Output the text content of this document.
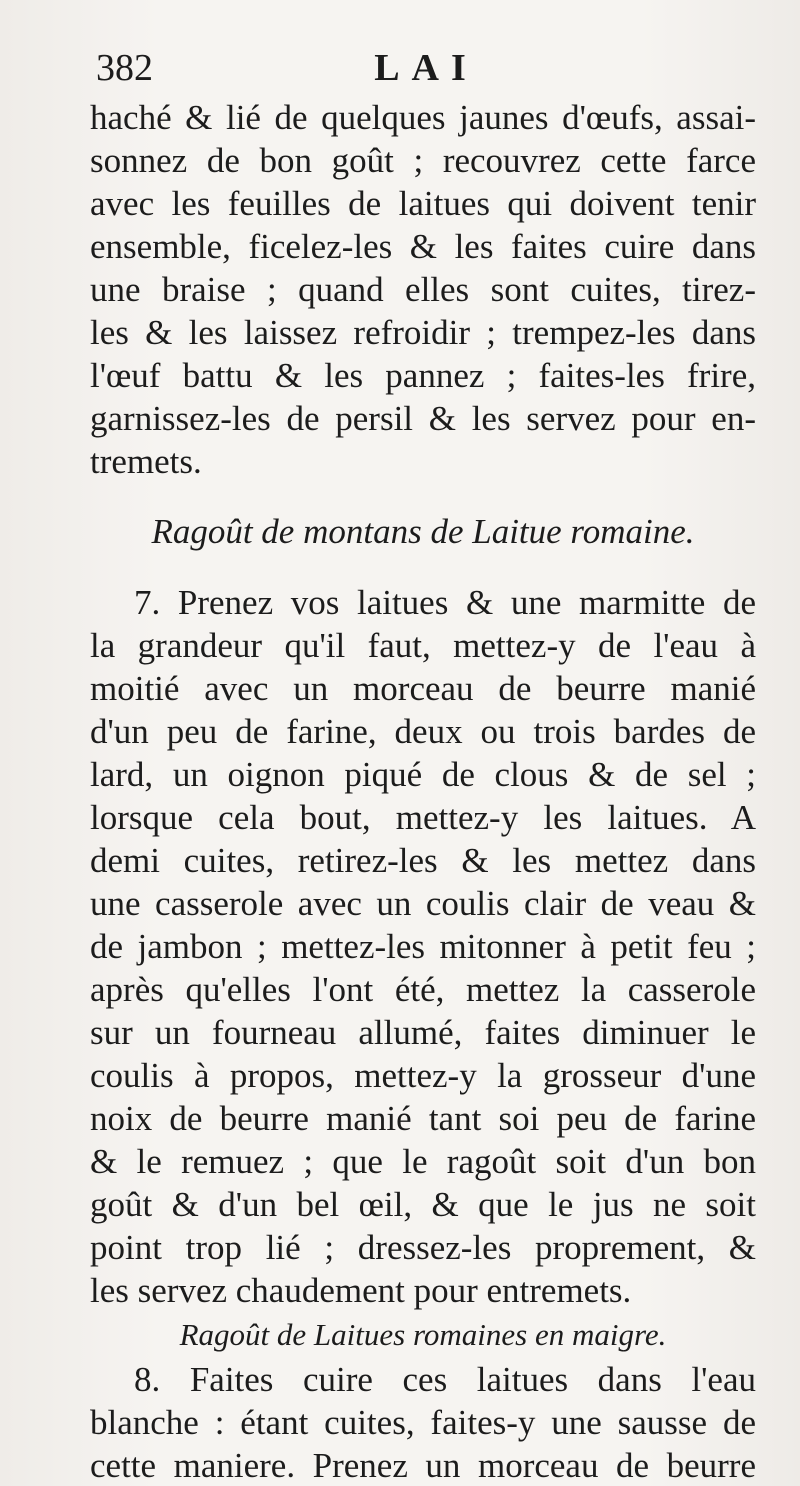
382	LAI
haché & lié de quelques jaunes d'œufs, assai-
sonnez de bon goût ; recouvrez cette farce
avec les feuilles de laitues qui doivent tenir
ensemble, ficelez-les & les faites cuire dans
une braise ; quand elles sont cuites, tirez-
les & les laissez refroidir ; trempez-les dans
l'œuf battu & les pannez ; faites-les frire,
garnissez-les de persil & les servez pour en-
tremets.
Ragoût de montans de Laitue romaine.
7. Prenez vos laitues & une marmitte de
la grandeur qu'il faut, mettez-y de l'eau à
moitié avec un morceau de beurre manié
d'un peu de farine, deux ou trois bardes de
lard, un oignon piqué de clous & de sel ;
lorsque cela bout, mettez-y les laitues. A
demi cuites, retirez-les & les mettez dans
une casserole avec un coulis clair de veau &
de jambon ; mettez-les mitonner à petit feu ;
après qu'elles l'ont été, mettez la casserole
sur un fourneau allumé, faites diminuer le
coulis à propos, mettez-y la grosseur d'une
noix de beurre manié tant soi peu de farine
& le remuez ; que le ragoût soit d'un bon
goût & d'un bel œil, & que le jus ne soit
point trop lié ; dressez-les proprement, &
les servez chaudement pour entremets.
Ragoût de Laitues romaines en maigre.
8. Faites cuire ces laitues dans l'eau
blanche : étant cuites, faites-y une sausse de
cette maniere. Prenez un morceau de beurre
